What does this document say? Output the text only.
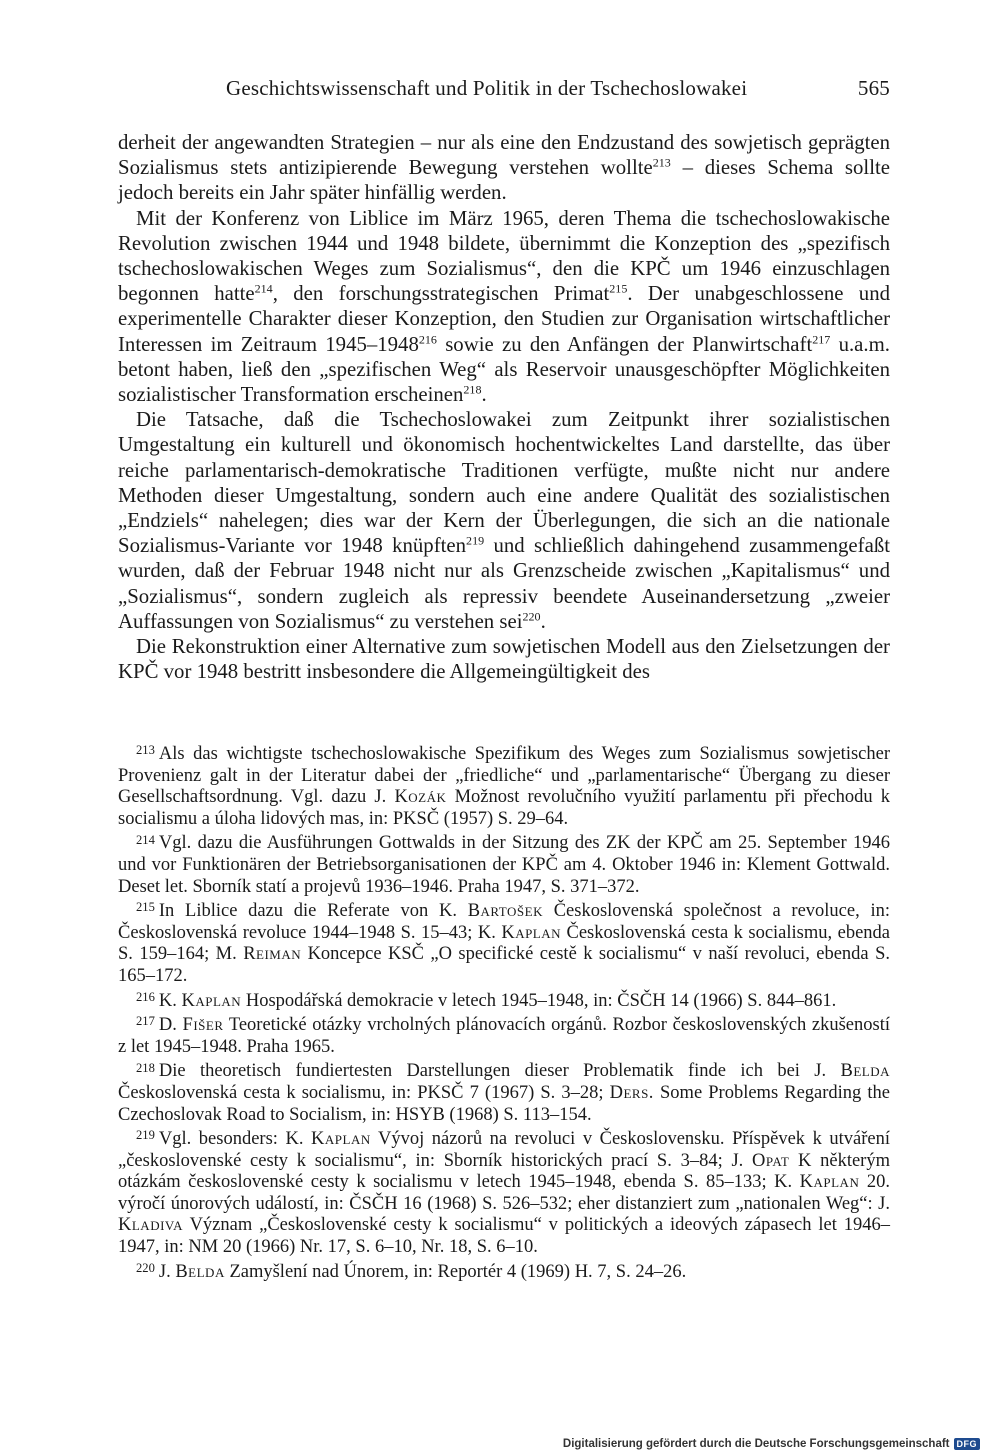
Geschichtswissenschaft und Politik in der Tschechoslowakei	565

derheit der angewandten Strategien – nur als eine den Endzustand des sowjetisch geprägten Sozialismus stets antizipierende Bewegung verstehen wollte$^{213}$ – dieses Schema sollte jedoch bereits ein Jahr später hinfällig werden.

Mit der Konferenz von Liblice im März 1965, deren Thema die tschechoslowakische Revolution zwischen 1944 und 1948 bildete, übernimmt die Konzeption des „spezifisch tschechoslowakischen Weges zum Sozialismus“, den die KPČ um 1946 einzuschlagen begonnen hatte$^{214}$, den forschungsstrategischen Primat$^{215}$. Der unabgeschlossene und experimentelle Charakter dieser Konzeption, den Studien zur Organisation wirtschaftlicher Interessen im Zeitraum 1945–1948$^{216}$ sowie zu den Anfängen der Planwirtschaft$^{217}$ u.a.m. betont haben, ließ den „spezifischen Weg“ als Reservoir unausgeschöpfter Möglichkeiten sozialistischer Transformation erscheinen$^{218}$.

Die Tatsache, daß die Tschechoslowakei zum Zeitpunkt ihrer sozialistischen Umgestaltung ein kulturell und ökonomisch hochentwickeltes Land darstellte, das über reiche parlamentarisch-demokratische Traditionen verfügte, mußte nicht nur andere Methoden dieser Umgestaltung, sondern auch eine andere Qualität des sozialistischen „Endziels“ nahelegen; dies war der Kern der Überlegungen, die sich an die nationale Sozialismus-Variante vor 1948 knüpften$^{219}$ und schließlich dahingehend zusammengefaßt wurden, daß der Februar 1948 nicht nur als Grenzscheide zwischen „Kapitalismus“ und „Sozialismus“, sondern zugleich als repressiv beendete Auseinandersetzung „zweier Auffassungen von Sozialismus“ zu verstehen sei$^{220}$.

Die Rekonstruktion einer Alternative zum sowjetischen Modell aus den Zielsetzungen der KPČ vor 1948 bestritt insbesondere die Allgemeingültigkeit des

$^{213}$ Als das wichtigste tschechoslowakische Spezifikum des Weges zum Sozialismus sowjetischer Provenienz galt in der Literatur dabei der „friedliche“ und „parlamentarische“ Übergang zu dieser Gesellschaftsordnung. Vgl. dazu J. Kozák Možnost revolučního využití parlamentu při přechodu k socialismu a úloha lidových mas, in: PKSČ (1957) S. 29–64.

$^{214}$ Vgl. dazu die Ausführungen Gottwalds in der Sitzung des ZK der KPČ am 25. September 1946 und vor Funktionären der Betriebsorganisationen der KPČ am 4. Oktober 1946 in: Klement Gottwald. Deset let. Sborník statí a projevů 1936–1946. Praha 1947, S. 371–372.

$^{215}$ In Liblice dazu die Referate von K. Bartošek Československá společnost a revoluce, in: Československá revoluce 1944–1948 S. 15–43; K. Kaplan Československá cesta k socialismu, ebenda S. 159–164; M. Reiman Koncepce KSČ „O specifické cestě k socialismu“ v naší revoluci, ebenda S. 165–172.

$^{216}$ K. Kaplan Hospodářská demokracie v letech 1945–1948, in: ČSČH 14 (1966) S. 844–861.

$^{217}$ D. Fišer Teoretické otázky vrcholných plánovacích orgánů. Rozbor československých zkušeností z let 1945–1948. Praha 1965.

$^{218}$ Die theoretisch fundiertesten Darstellungen dieser Problematik finde ich bei J. Belda Československá cesta k socialismu, in: PKSČ 7 (1967) S. 3–28; Ders. Some Problems Regarding the Czechoslovak Road to Socialism, in: HSYB (1968) S. 113–154.

$^{219}$ Vgl. besonders: K. Kaplan Vývoj názorů na revoluci v Československu. Příspěvek k utváření „československé cesty k socialismu“, in: Sborník historických prací S. 3–84; J. Opat K některým otázkám československé cesty k socialismu v letech 1945–1948, ebenda S. 85–133; K. Kaplan 20. výročí únorových událostí, in: ČSČH 16 (1968) S. 526–532; eher distanziert zum „nationalen Weg“: J. Kladiva Význam „Československé cesty k socialismu“ v politických a ideových zápasech let 1946–1947, in: NM 20 (1966) Nr. 17, S. 6–10, Nr. 18, S. 6–10.

$^{220}$ J. Belda Zamyšlení nad Únorem, in: Reportér 4 (1969) H. 7, S. 24–26.

Digitalisierung gefördert durch die Deutsche Forschungsgemeinschaft DFG
